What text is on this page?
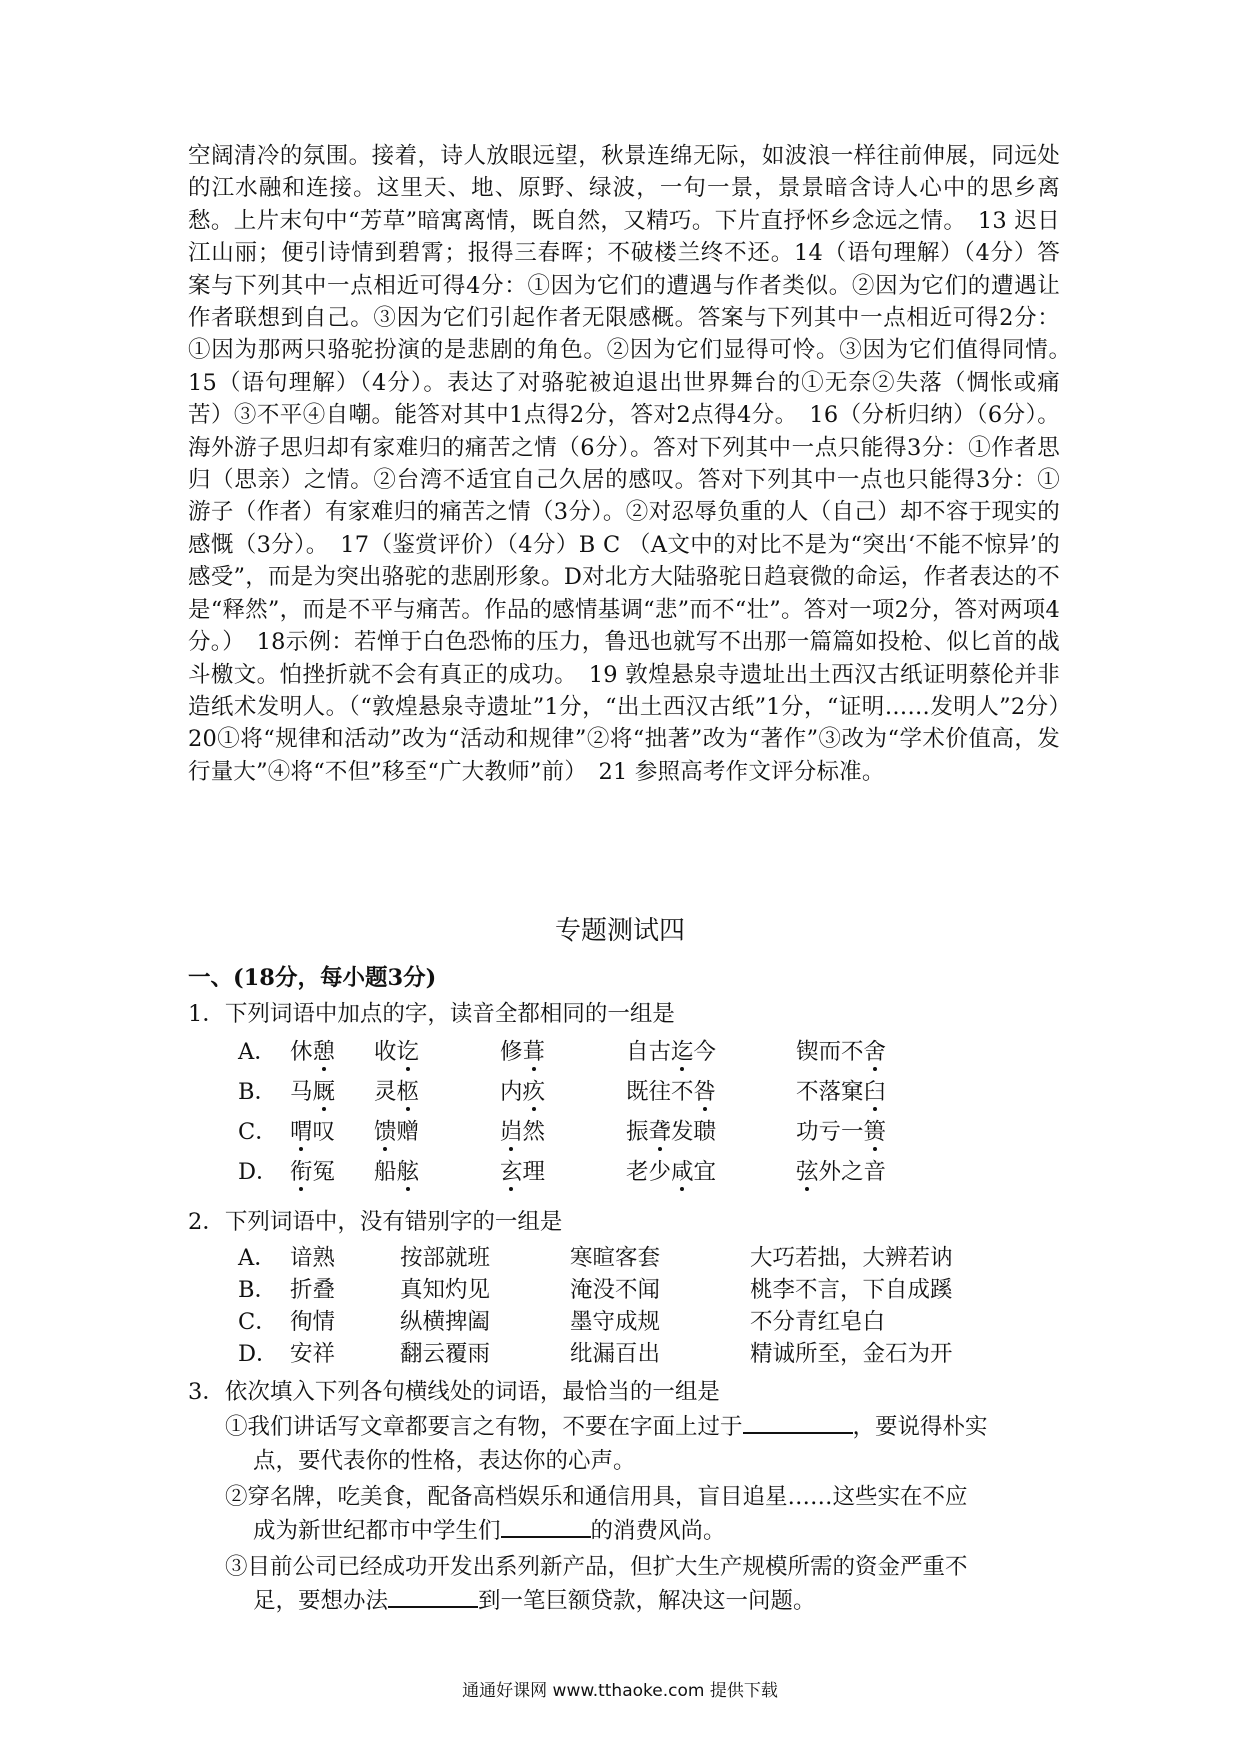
空阔清冷的氛围。接着，诗人放眼远望，秋景连绵无际，如波浪一样往前伸展，同远处的江水融和连接。这里天、地、原野、绿波，一句一景，景景暗含诗人心中的思乡离愁。上片末句中“芳草”暗寓离情，既自然，又精巧。下片直抒怀乡念远之情。　13 迟日江山丽；便引诗情到碧霄；报得三春晖；不破楼兰终不还。14（语句理解）（4分）答案与下列其中一点相近可得4分：①因为它们的遭遇与作者类似。②因为它们的遭遇让作者联想到自己。③因为它们引起作者无限感概。答案与下列其中一点相近可得2分：①因为那两只骆驼扮演的是悲剧的角色。②因为它们显得可怜。③因为它们值得同情。　15（语句理解）（4分）。表达了对骆驼被迫退出世界舞台的①无奈②失落（惆怅或痛苦）③不平④自嘲。能答对其中1点得2分，答对2点得4分。　16（分析归纳）（6分）。海外游子思归却有家难归的痛苦之情（6分）。答对下列其中一点只能得3分：①作者思归（思亲）之情。②台湾不适宜自己久居的感叹。答对下列其中一点也只能得3分：①游子（作者）有家难归的痛苦之情（3分）。②对忍辱负重的人（自己）却不容于现实的感慨（3分）。　17（鉴赏评价）（4分）B C （A文中的对比不是为“突出‘不能不惊异’的感受”，而是为突出骆驼的悲剧形象。D对北方大陆骆驼日趋衰微的命运，作者表达的不是“释然”，而是不平与痛苦。作品的感情基调“悲”而不“壮”。答对一项2分，答对两项4分。）　18示例：若惮于白色恐怖的压力，鲁迅也就写不出那一篇篇如投枪、似匕首的战斗檄文。怕挫折就不会有真正的成功。　19 敦煌悬泉寺遗址出土西汉古纸证明蔡伦并非造纸术发明人。（“敦煌悬泉寺遗址”1分，“出土西汉古纸”1分，“证明……发明人”2分）　20①将“规律和活动”改为“活动和规律”②将“拙著”改为“著作”③改为“学术价值高，发行量大”④将“不但”移至“广大教师”前）　21 参照高考作文评分标准。

专题测试四
一、(18分，每小题3分)
1．下列词语中加点的字，读音全都相同的一组是
A． 休憩 收讫	修葺	自古迄今	锲而不舍
B． 马厩 灵柩	内疚	既往不咎	不落窠臼
C． 喟叹 馈赠	岿然	振聋发聩	功亏一篑
D． 衔冤 船舷	玄理	老少咸宜	弦外之音
2．下列词语中，没有错别字的一组是
A． 谙熟	按部就班	寒暄客套	大巧若拙，大辨若讷
B． 折叠	真知灼见	淹没不闻	桃李不言，下自成蹊
C． 徇情	纵横捭阖	墨守成规	不分青红皂白
D． 安祥	翻云覆雨	纰漏百出	精诚所至，金石为开
3．依次填入下列各句横线处的词语，最恰当的一组是
①我们讲话写文章都要言之有物，不要在字面上过于	，要说得朴实
点，要代表你的性格，表达你的心声。
②穿名牌，吃美食，配备高档娱乐和通信用具，盲目追星……这些实在不应
成为新世纪都市中学生们	的消费风尚。
③目前公司已经成功开发出系列新产品，但扩大生产规模所需的资金严重不
足，要想办法	到一笔巨额贷款，解决这一问题。
通通好课网 www.tthaoke.com 提供下载
